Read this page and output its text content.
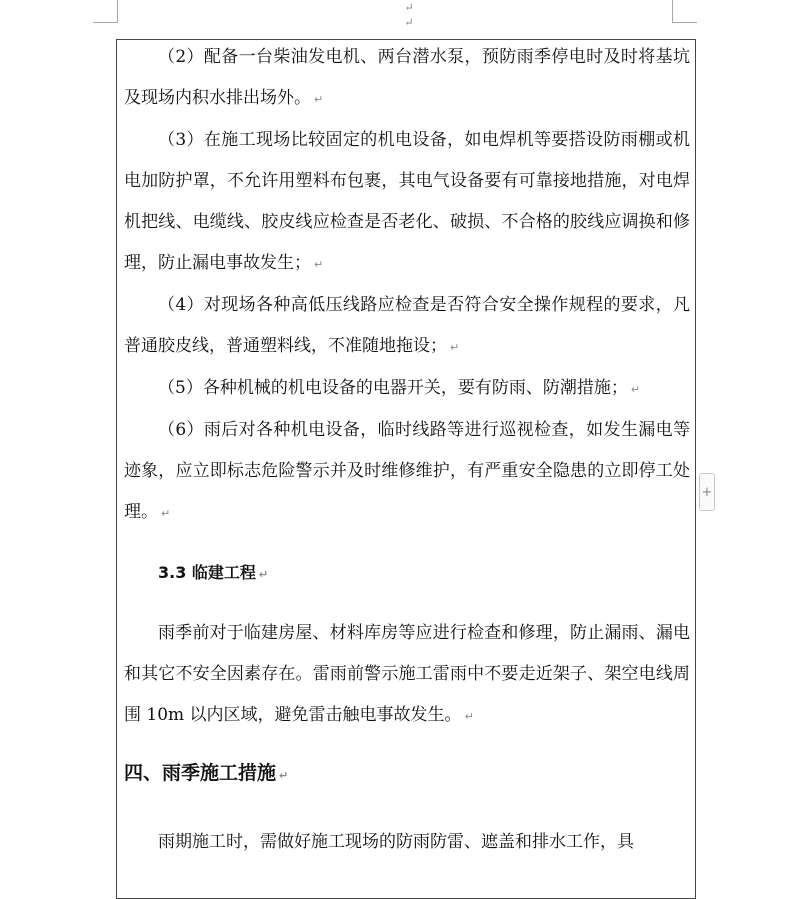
↵
↵

（2）配备一台柴油发电机、两台潜水泵，预防雨季停电时及时将基坑及现场内积水排出场外。 ↵

（3）在施工现场比较固定的机电设备，如电焊机等要搭设防雨棚或机电加防护罩，不允许用塑料布包裹，其电气设备要有可靠接地措施，对电焊机把线、电缆线、胶皮线应检查是否老化、破损、不合格的胶线应调换和修理，防止漏电事故发生； ↵

（4）对现场各种高低压线路应检查是否符合安全操作规程的要求，凡普通胶皮线，普通塑料线，不准随地拖设； ↵

（5）各种机械的机电设备的电器开关，要有防雨、防潮措施； ↵

（6）雨后对各种机电设备，临时线路等进行巡视检查，如发生漏电等迹象，应立即标志危险警示并及时维修维护，有严重安全隐患的立即停工处理。 ↵

3.3 临建工程 ↵

雨季前对于临建房屋、材料库房等应进行检查和修理，防止漏雨、漏电和其它不安全因素存在。雷雨前警示施工雷雨中不要走近架子、架空电线周围 10m 以内区域，避免雷击触电事故发生。 ↵

四、雨季施工措施 ↵

雨期施工时，需做好施工现场的防雨防雷、遮盖和排水工作，具

+
